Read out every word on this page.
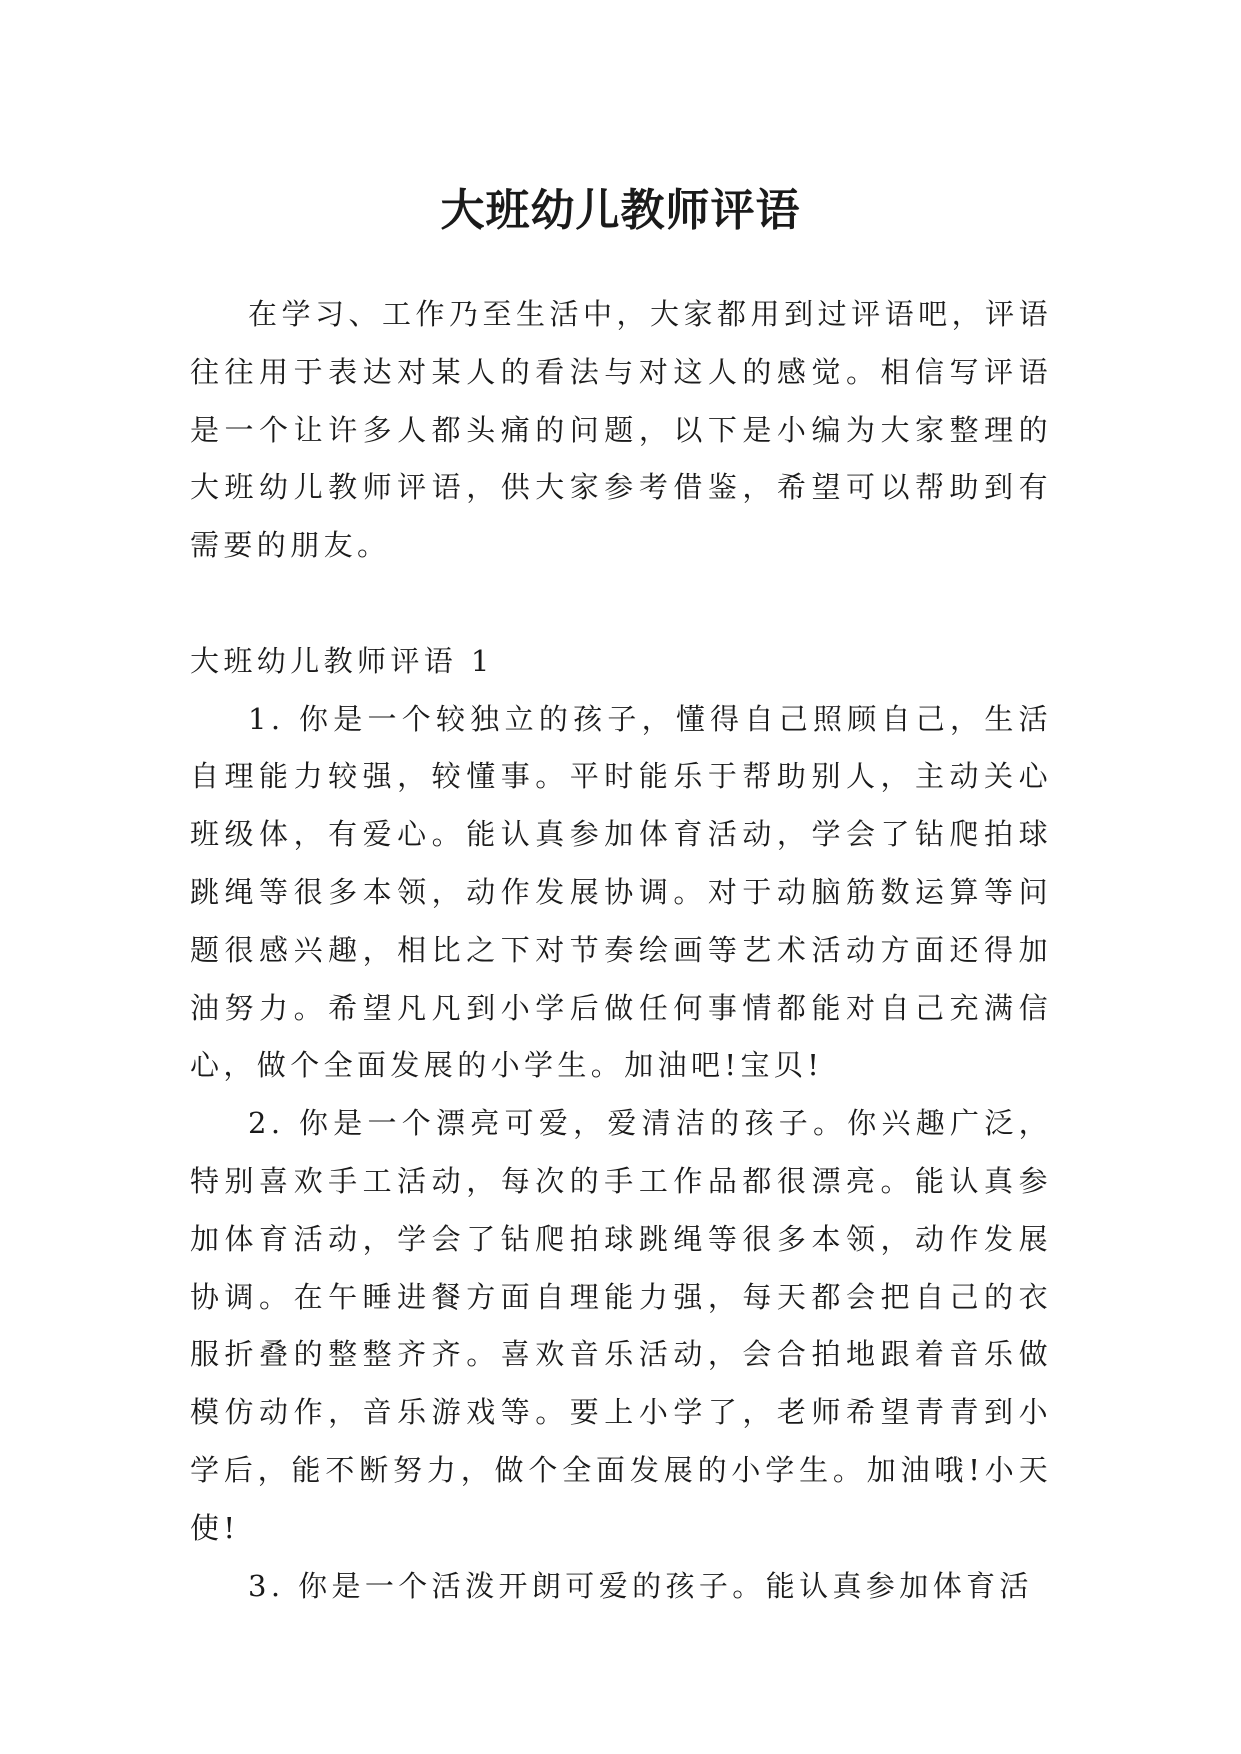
大班幼儿教师评语

在学习、工作乃至生活中，大家都用到过评语吧，评语往往用于表达对某人的看法与对这人的感觉。相信写评语是一个让许多人都头痛的问题，以下是小编为大家整理的大班幼儿教师评语，供大家参考借鉴，希望可以帮助到有需要的朋友。

大班幼儿教师评语 1

1. 你是一个较独立的孩子，懂得自己照顾自己，生活自理能力较强，较懂事。平时能乐于帮助别人，主动关心班级体，有爱心。能认真参加体育活动，学会了钻爬拍球跳绳等很多本领，动作发展协调。对于动脑筋数运算等问题很感兴趣，相比之下对节奏绘画等艺术活动方面还得加油努力。希望凡凡到小学后做任何事情都能对自己充满信心，做个全面发展的小学生。加油吧!宝贝!

2. 你是一个漂亮可爱，爱清洁的孩子。你兴趣广泛，特别喜欢手工活动，每次的手工作品都很漂亮。能认真参加体育活动，学会了钻爬拍球跳绳等很多本领，动作发展协调。在午睡进餐方面自理能力强，每天都会把自己的衣服折叠的整整齐齐。喜欢音乐活动，会合拍地跟着音乐做模仿动作，音乐游戏等。要上小学了，老师希望青青到小学后，能不断努力，做个全面发展的小学生。加油哦!小天使!

3. 你是一个活泼开朗可爱的孩子。能认真参加体育活
